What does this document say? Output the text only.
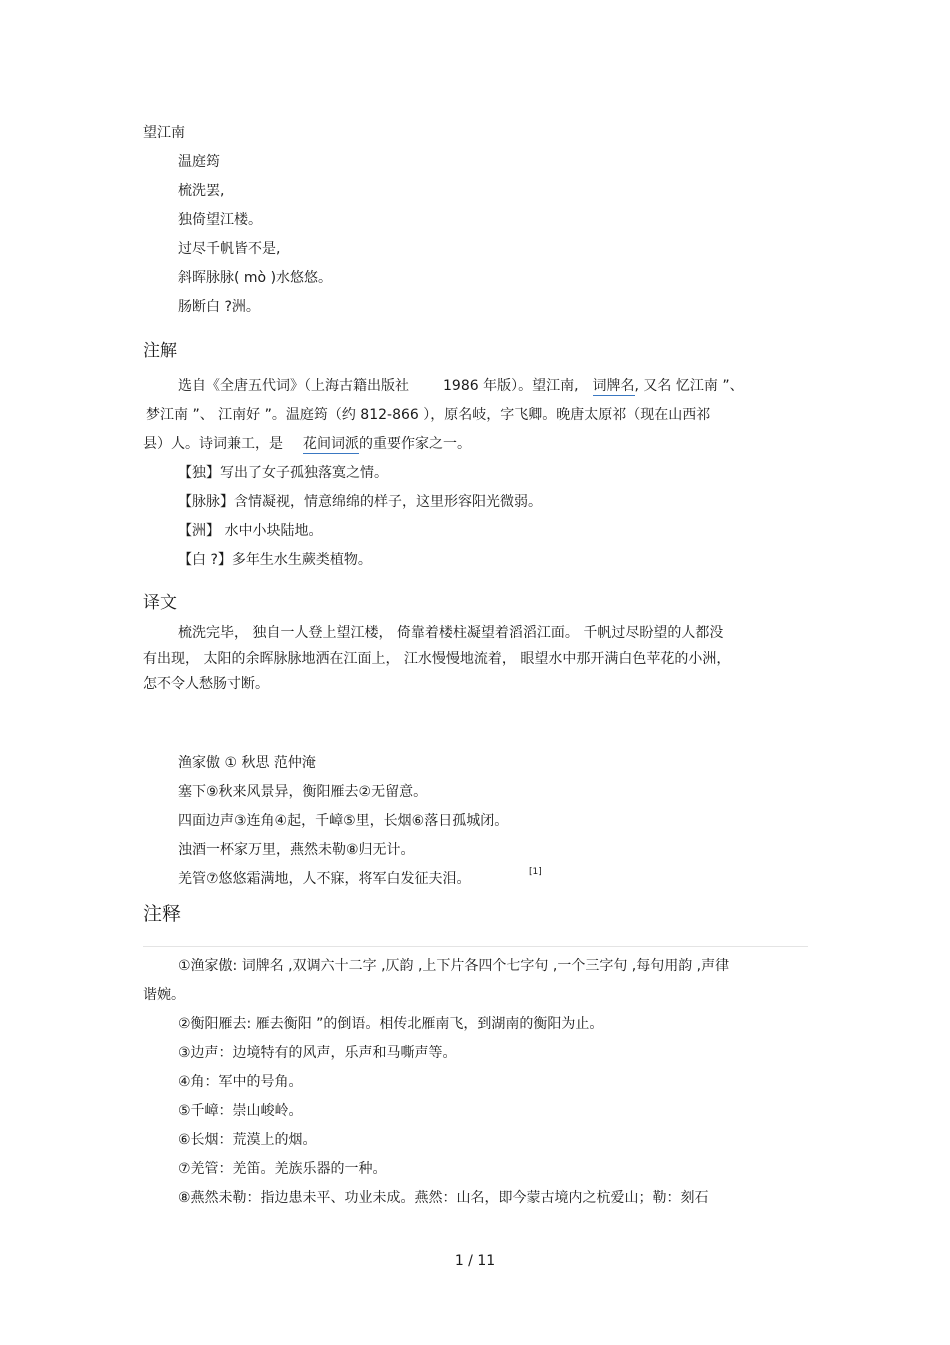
望江南
温庭筠
梳洗罢,
独倚望江楼。
过尽千帆皆不是,
斜晖脉脉( mò )水悠悠。
肠断白 ?洲。
注解
选自《全唐五代词》（上海古籍出版社 1986 年版）。望江南, 词牌名, 又名 忆江南 ”、
梦江南 ”、 江南好 ”。温庭筠（约 812-866 ），原名岐，字飞卿。晚唐太原祁（现在山西祁
县）人。诗词兼工，是 花间词派的重要作家之一。
【独】写出了女子孤独落寞之情。
【脉脉】含情凝视，情意绵绵的样子，这里形容阳光微弱。
【洲】 水中小块陆地。
【白 ?】多年生水生蕨类植物。
译文
梳洗完毕， 独自一人登上望江楼， 倚靠着楼柱凝望着滔滔江面。 千帆过尽盼望的人都没
有出现， 太阳的余晖脉脉地洒在江面上， 江水慢慢地流着， 眼望水中那开满白色苹花的小洲，
怎不令人愁肠寸断。
渔家傲 ① 秋思 范仲淹
塞下⑨秋来风景异，衡阳雁去②无留意。
四面边声③连角④起，千嶂⑤里，长烟⑥落日孤城闭。
浊酒一杯家万里，燕然未勒⑧归无计。
羌管⑦悠悠霜满地，人不寐，将军白发征夫泪。	[1]
注释
①渔家傲: 词牌名 ,双调六十二字 ,仄韵 ,上下片各四个七字句 ,一个三字句 ,每句用韵 ,声律
谐婉。
②衡阳雁去: 雁去衡阳 ”的倒语。相传北雁南飞，到湖南的衡阳为止。
③边声：边境特有的风声，乐声和马嘶声等。
④角：军中的号角。
⑤千嶂：崇山峻岭。
⑥长烟：荒漠上的烟。
⑦羌管：羌笛。羌族乐器的一种。
⑧燕然未勒：指边患未平、功业未成。燕然：山名，即今蒙古境内之杭爱山；勒：刻石
1 / 11
